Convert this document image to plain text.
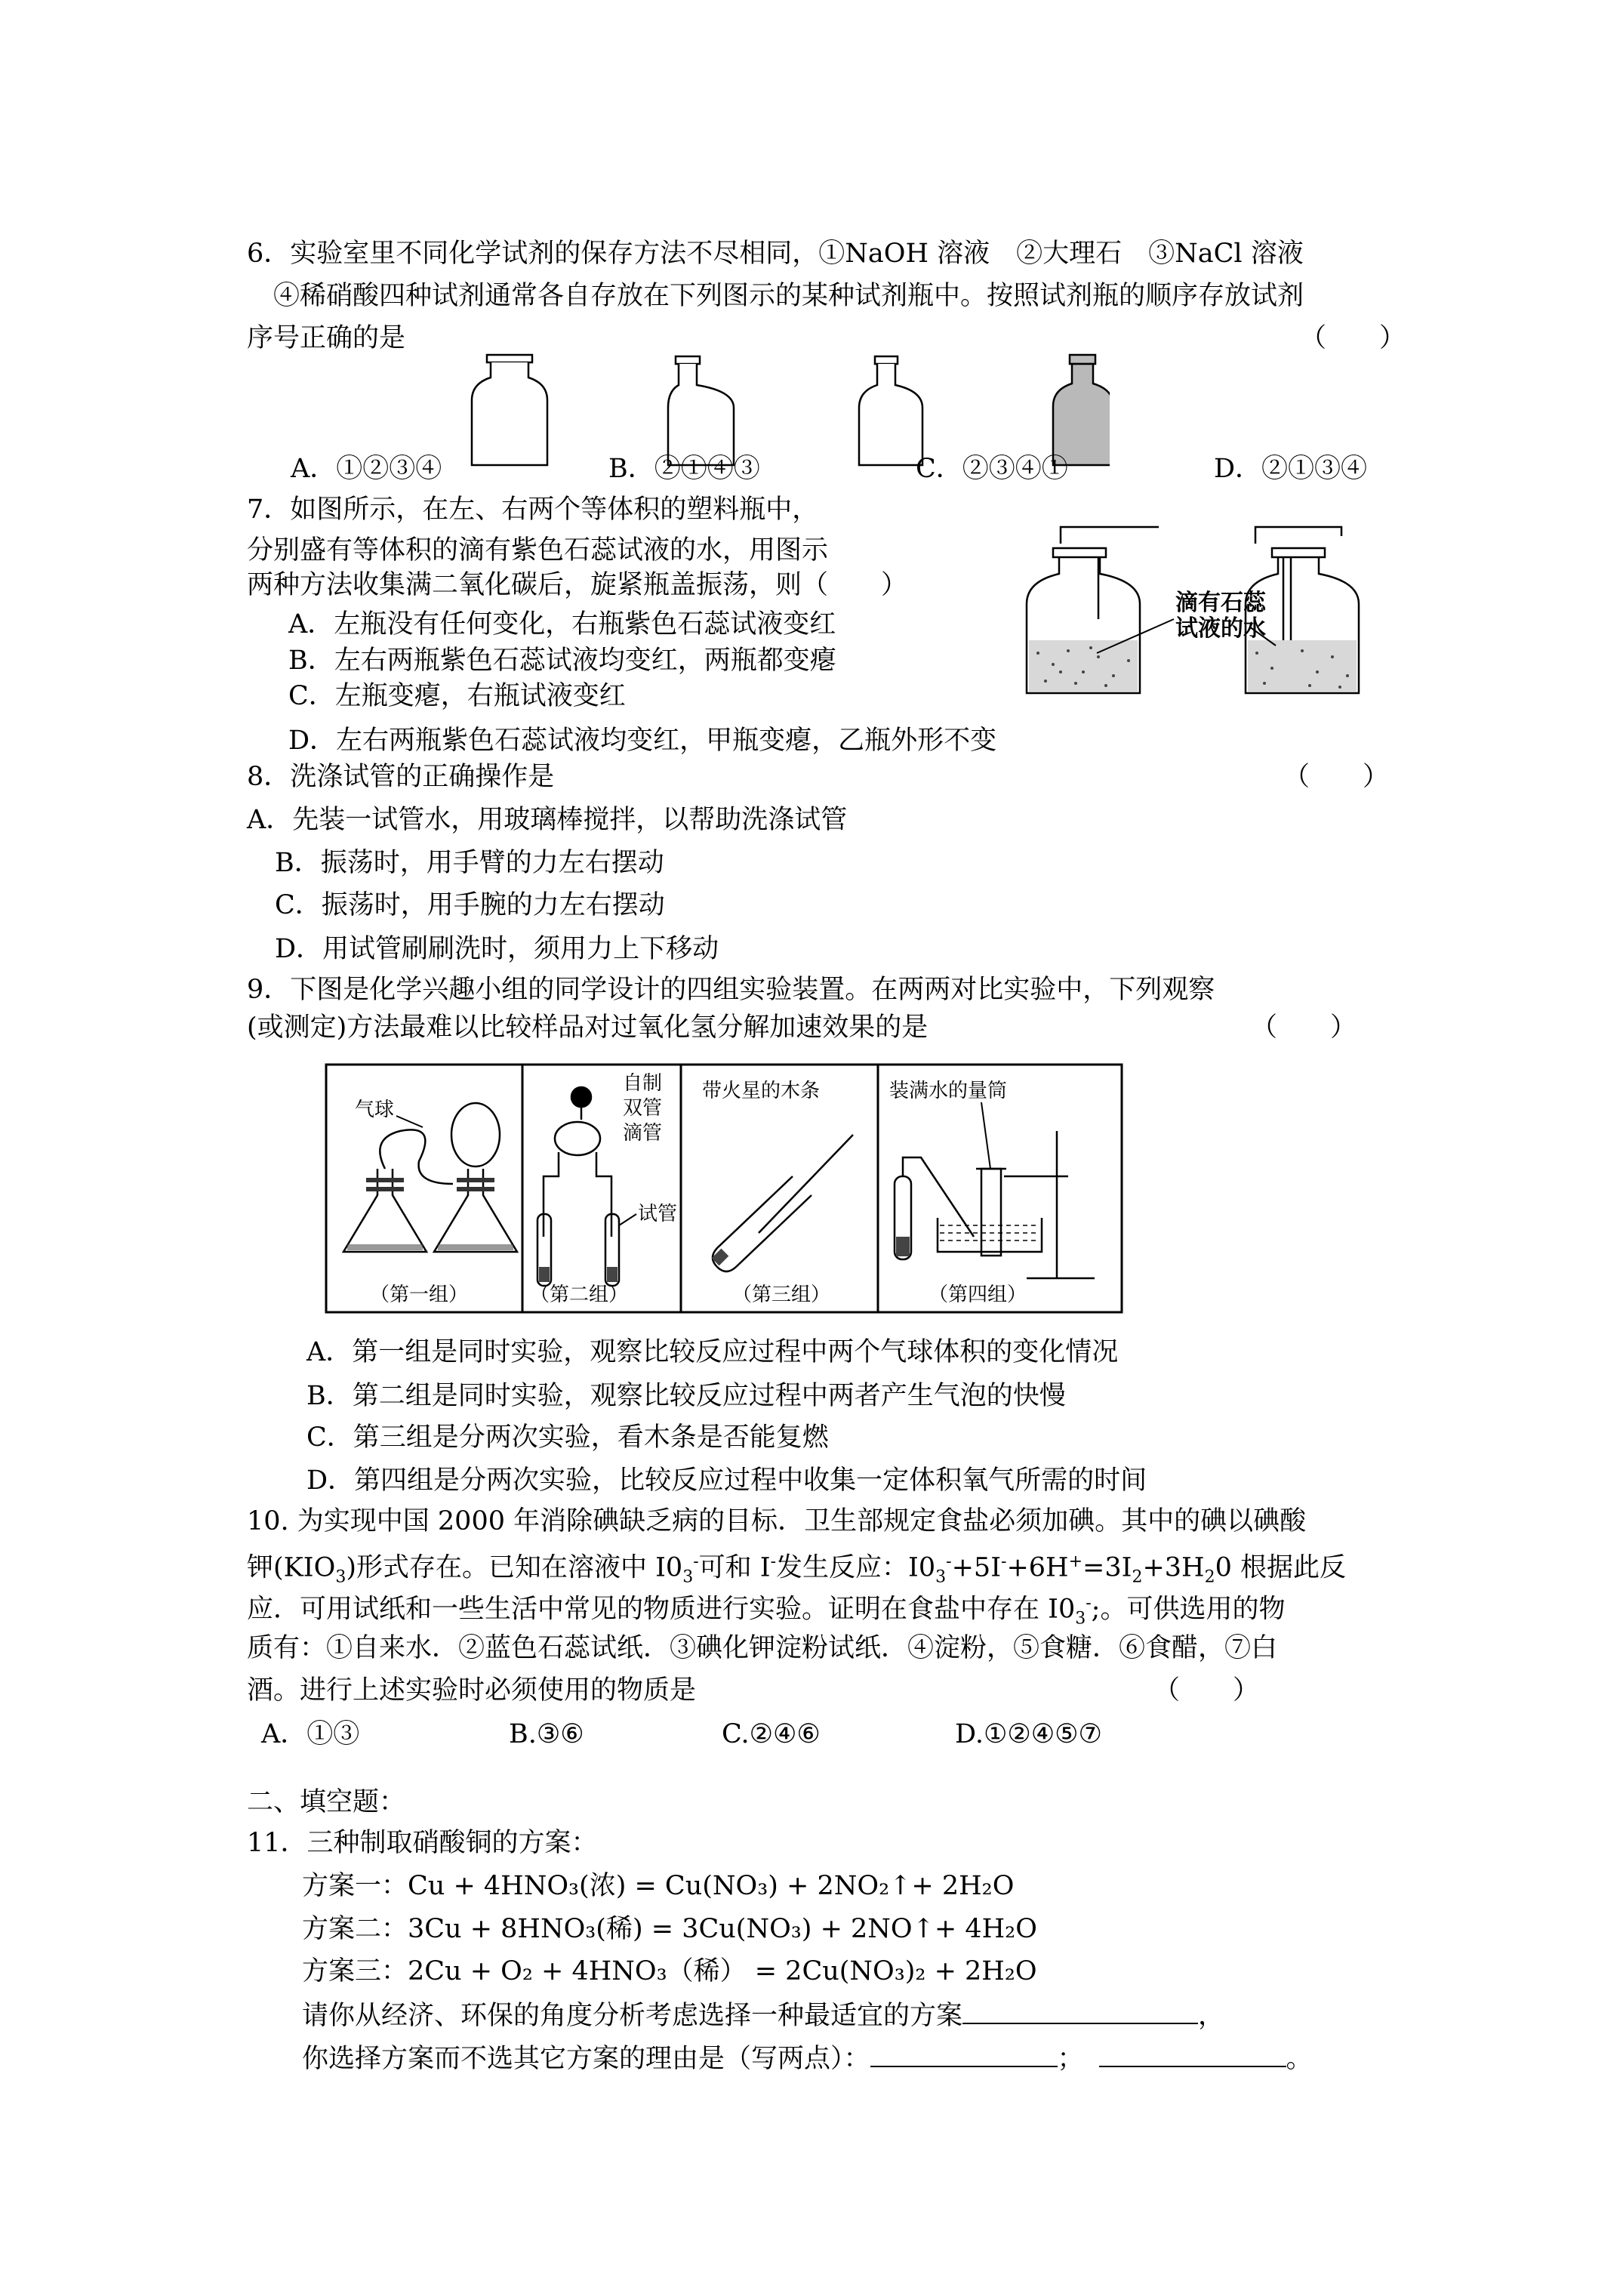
6．实验室里不同化学试剂的保存方法不尽相同，①NaOH 溶液　②大理石　③NaCl 溶液
　④稀硝酸四种试剂通常各自存放在下列图示的某种试剂瓶中。按照试剂瓶的顺序存放试剂
序号正确的是	（　　）
A．①②③④	B．②①④③	C．②③④①	D．②①③④
7．如图所示，在左、右两个等体积的塑料瓶中，
分别盛有等体积的滴有紫色石蕊试液的水，用图示
两种方法收集满二氧化碳后，旋紧瓶盖振荡，则（　　）
A．左瓶没有任何变化，右瓶紫色石蕊试液变红
B．左右两瓶紫色石蕊试液均变红，两瓶都变瘪
C．左瓶变瘪，右瓶试液变红
D．左右两瓶紫色石蕊试液均变红，甲瓶变瘪，乙瓶外形不变
滴有石蕊
试液的水
8．洗涤试管的正确操作是	（　　）
A．先装一试管水，用玻璃棒搅拌，以帮助洗涤试管
B．振荡时，用手臂的力左右摆动
C．振荡时，用手腕的力左右摆动
D．用试管刷刷洗时，须用力上下移动
9．下图是化学兴趣小组的同学设计的四组实验装置。在两两对比实验中，下列观察
(或测定)方法最难以比较样品对过氧化氢分解加速效果的是	（　　）
气球
（第一组）
自制
双管
滴管
试管
（第二组）
带火星的木条
（第三组）
装满水的量筒
（第四组）
A．第一组是同时实验，观察比较反应过程中两个气球体积的变化情况
B．第二组是同时实验，观察比较反应过程中两者产生气泡的快慢
C．第三组是分两次实验，看木条是否能复燃
D．第四组是分两次实验，比较反应过程中收集一定体积氧气所需的时间
10. 为实现中国 2000 年消除碘缺乏病的目标．卫生部规定食盐必须加碘。其中的碘以碘酸
钾$(KIO_3)$形式存在。已知在溶液中 $I0_3^-$可和 I-发生反应：$I0_3^-+5I^-+6H^+=3I_2+3H_20$ 根据此反
应．可用试纸和一些生活中常见的物质进行实验。证明在食盐中存在 $I0_3^-$;。可供选用的物
质有：①自来水．②蓝色石蕊试纸．③碘化钾淀粉试纸．④淀粉，⑤食糖．⑥食醋，⑦白
酒。进行上述实验时必须使用的物质是	（　　）
A．①③	B.③⑥	C.②④⑥	D.①②④⑤⑦
二、填空题：
11．三种制取硝酸铜的方案：
方案一：Cu + 4HNO₃(浓) = Cu(NO₃) + 2NO₂↑+ 2H₂O
方案二：3Cu + 8HNO₃(稀) = 3Cu(NO₃) + 2NO↑+ 4H₂O
方案三：2Cu + O₂ + 4HNO₃（稀） = 2Cu(NO₃)₂ + 2H₂O
请你从经济、环保的角度分析考虑选择一种最适宜的方案	，
你选择方案而不选其它方案的理由是（写两点）：	；	。
